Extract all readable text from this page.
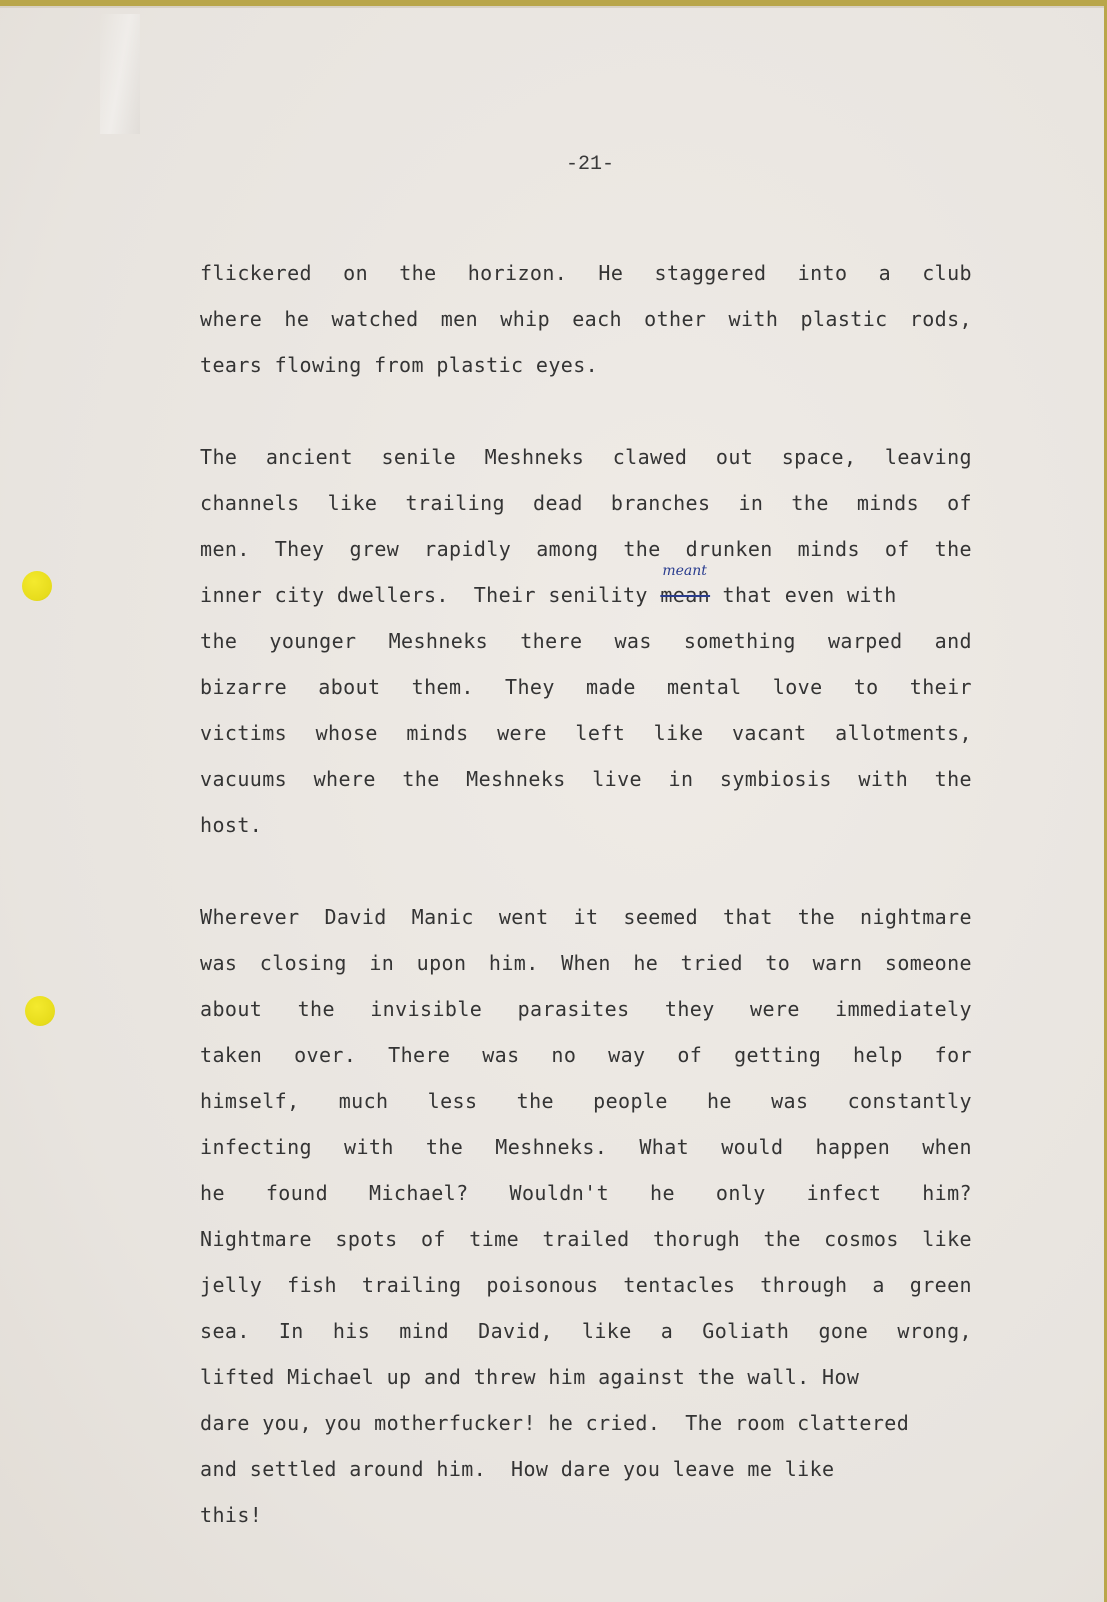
-21-
flickered on the horizon. He staggered into a club
where he watched men whip each other with plastic rods,
tears flowing from plastic eyes.
The ancient senile Meshneks clawed out space, leaving
channels like trailing dead branches in the minds of
men. They grew rapidly among the drunken minds of the
inner city dwellers.  Their senility
meant
mean that even with
the younger Meshneks there was something warped and
bizarre about them. They made mental love to their
victims whose minds were left like vacant allotments,
vacuums where the Meshneks live in symbiosis with the
host.
Wherever David Manic went it seemed that the nightmare
was closing in upon him. When he tried to warn someone
about the invisible parasites they were immediately
taken over. There was no way of getting help for
himself, much less the people he was constantly
infecting with the Meshneks. What would happen when
he found Michael? Wouldn't he only infect him?
Nightmare spots of time trailed thorugh the cosmos like
jelly fish trailing poisonous tentacles through a green
sea. In his mind David, like a Goliath gone wrong,
lifted Michael up and threw him against the wall. How
dare you, you motherfucker! he cried.  The room clattered
and settled around him.  How dare you leave me like
this!
